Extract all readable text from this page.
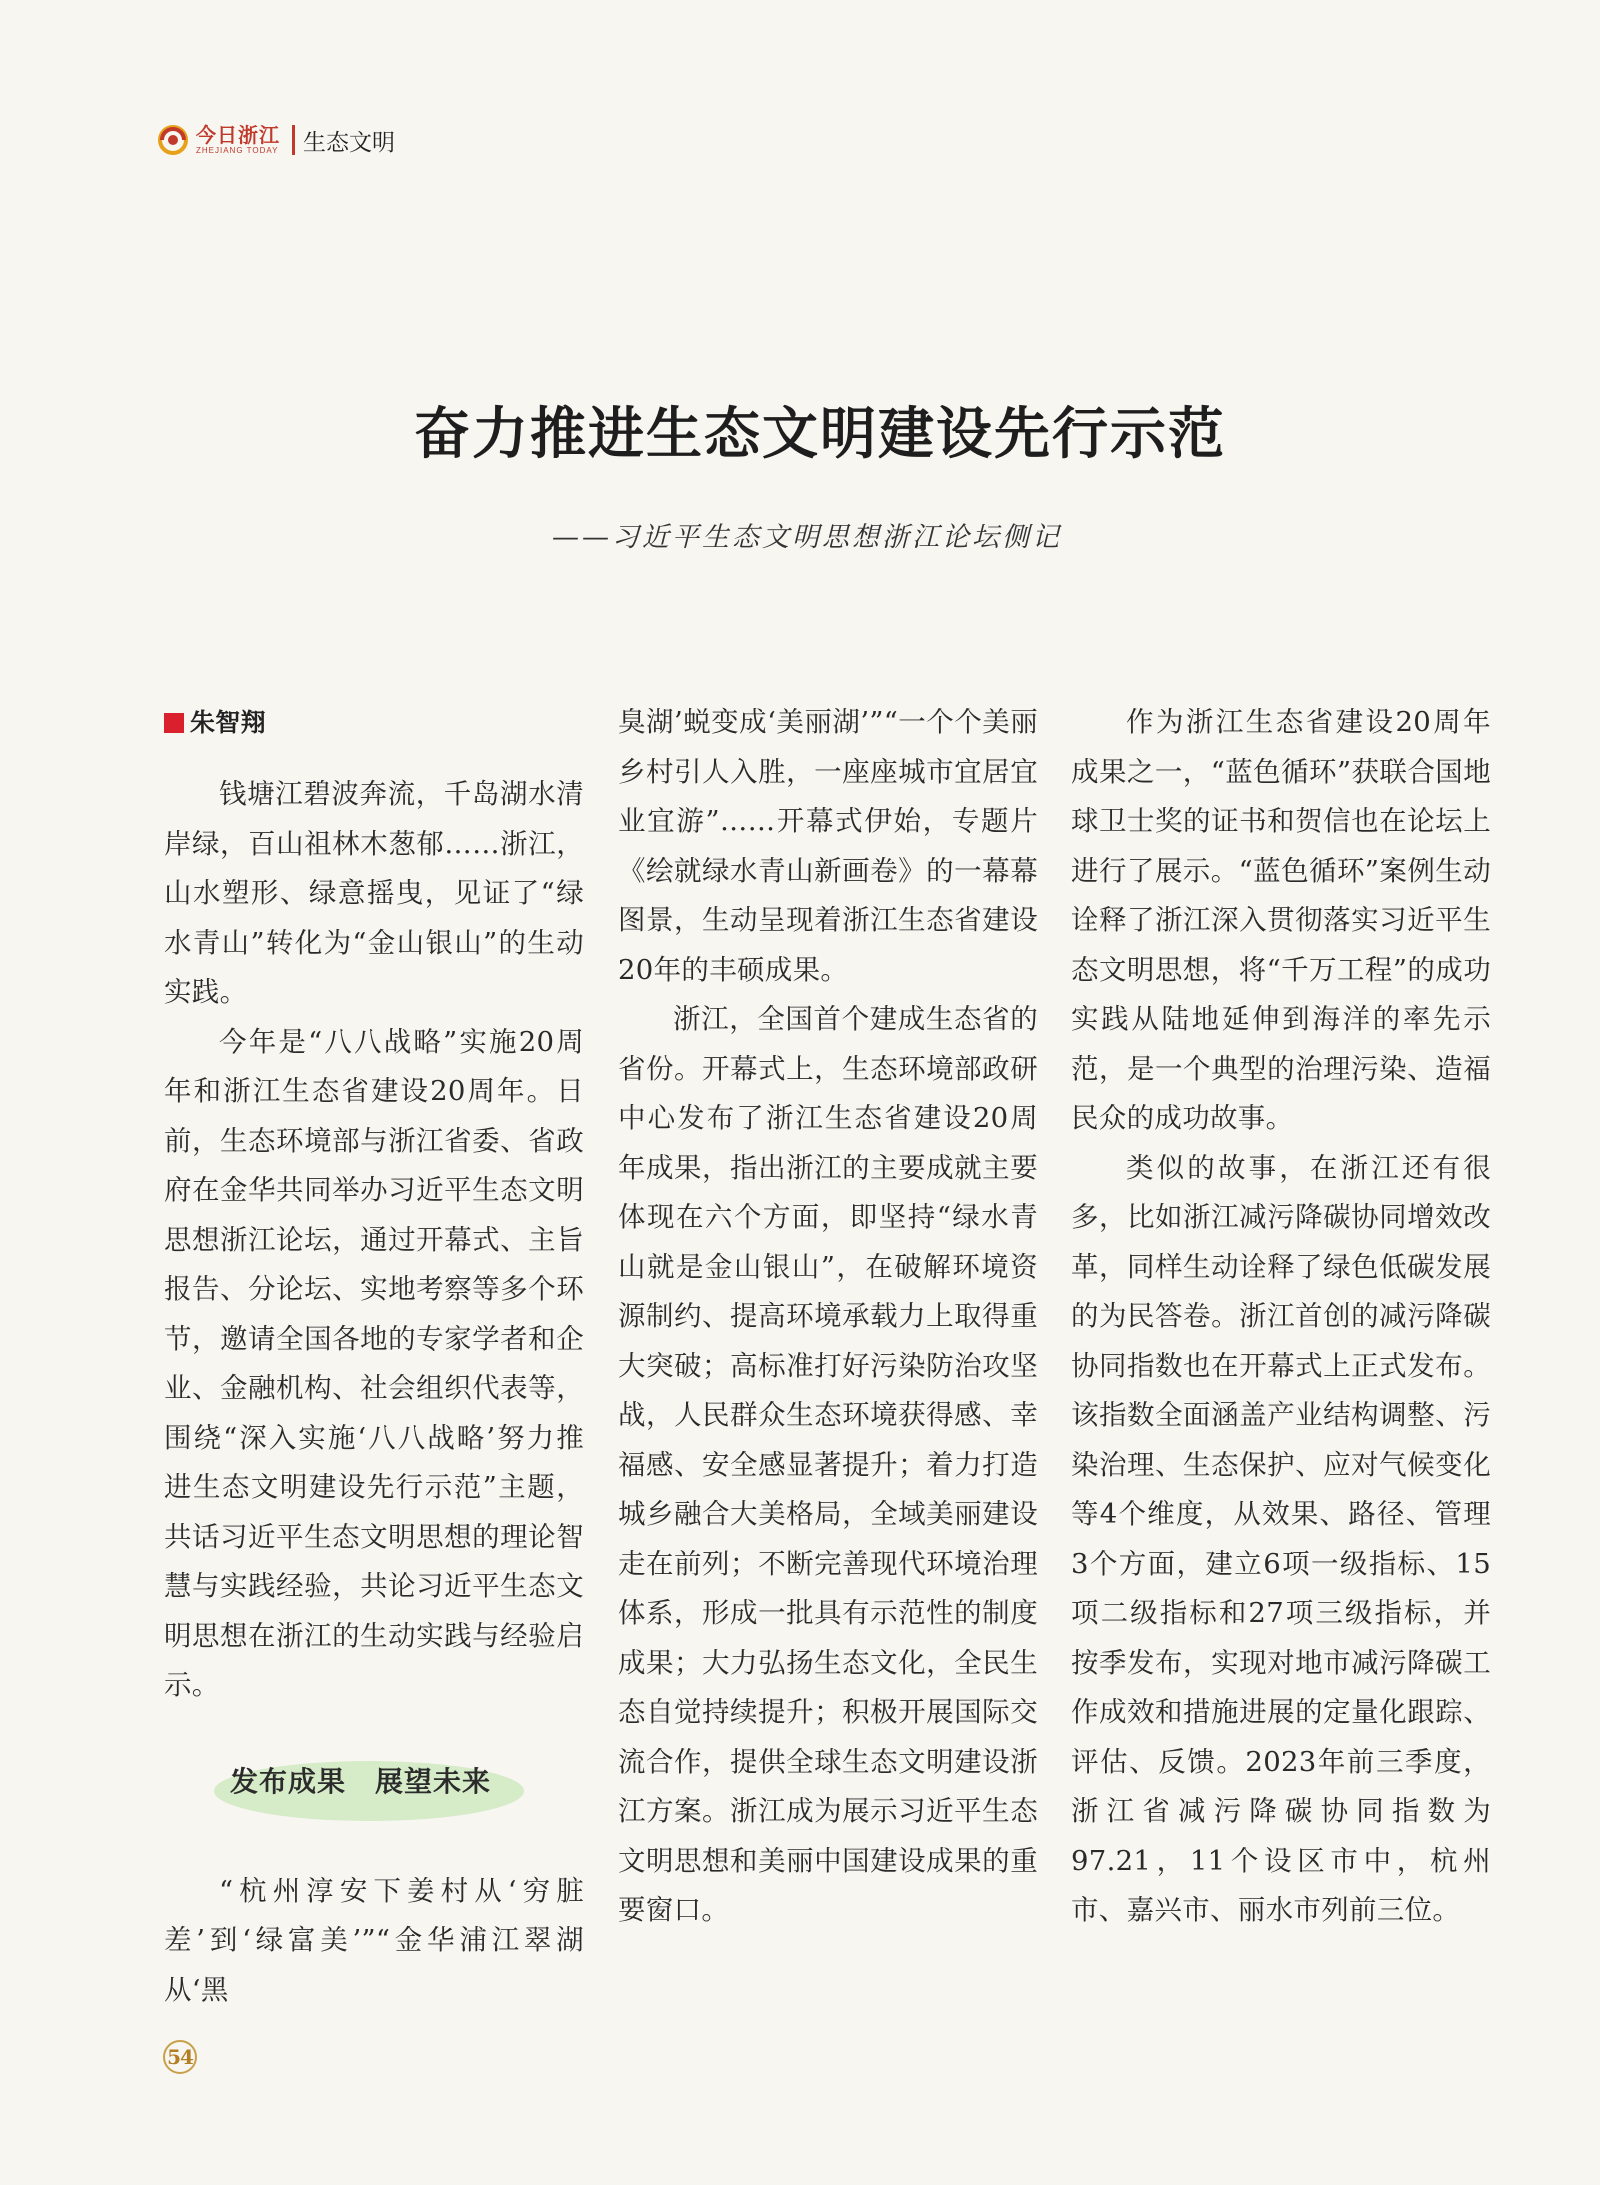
今日浙江
ZHEJIANG TODAY 生态文明
奋力推进生态文明建设先行示范
——习近平生态文明思想浙江论坛侧记
朱智翔

钱塘江碧波奔流，千岛湖水清岸绿，百山祖林木葱郁……浙江，山水塑形、绿意摇曳，见证了“绿水青山”转化为“金山银山”的生动实践。

今年是“八八战略”实施20周年和浙江生态省建设20周年。日前，生态环境部与浙江省委、省政府在金华共同举办习近平生态文明思想浙江论坛，通过开幕式、主旨报告、分论坛、实地考察等多个环节，邀请全国各地的专家学者和企业、金融机构、社会组织代表等，围绕“深入实施‘八八战略’努力推进生态文明建设先行示范”主题，共话习近平生态文明思想的理论智慧与实践经验，共论习近平生态文明思想在浙江的生动实践与经验启示。

发布成果　展望未来

“杭州淳安下姜村从‘穷脏差’到‘绿富美’”“金华浦江翠湖从‘黑

臭湖’蜕变成‘美丽湖’”“一个个美丽乡村引人入胜，一座座城市宜居宜业宜游”……开幕式伊始，专题片《绘就绿水青山新画卷》的一幕幕图景，生动呈现着浙江生态省建设20年的丰硕成果。

浙江，全国首个建成生态省的省份。开幕式上，生态环境部政研中心发布了浙江生态省建设20周年成果，指出浙江的主要成就主要体现在六个方面，即坚持“绿水青山就是金山银山”，在破解环境资源制约、提高环境承载力上取得重大突破；高标准打好污染防治攻坚战，人民群众生态环境获得感、幸福感、安全感显著提升；着力打造城乡融合大美格局，全域美丽建设走在前列；不断完善现代环境治理体系，形成一批具有示范性的制度成果；大力弘扬生态文化，全民生态自觉持续提升；积极开展国际交流合作，提供全球生态文明建设浙江方案。浙江成为展示习近平生态文明思想和美丽中国建设成果的重要窗口。

作为浙江生态省建设20周年成果之一，“蓝色循环”获联合国地球卫士奖的证书和贺信也在论坛上进行了展示。“蓝色循环”案例生动诠释了浙江深入贯彻落实习近平生态文明思想，将“千万工程”的成功实践从陆地延伸到海洋的率先示范，是一个典型的治理污染、造福民众的成功故事。

类似的故事，在浙江还有很多，比如浙江减污降碳协同增效改革，同样生动诠释了绿色低碳发展的为民答卷。浙江首创的减污降碳协同指数也在开幕式上正式发布。该指数全面涵盖产业结构调整、污染治理、生态保护、应对气候变化等4个维度，从效果、路径、管理3个方面，建立6项一级指标、15项二级指标和27项三级指标，并按季发布，实现对地市减污降碳工作成效和措施进展的定量化跟踪、评估、反馈。2023年前三季度，浙江省减污降碳协同指数为97.21，11个设区市中，杭州市、嘉兴市、丽水市列前三位。

54
